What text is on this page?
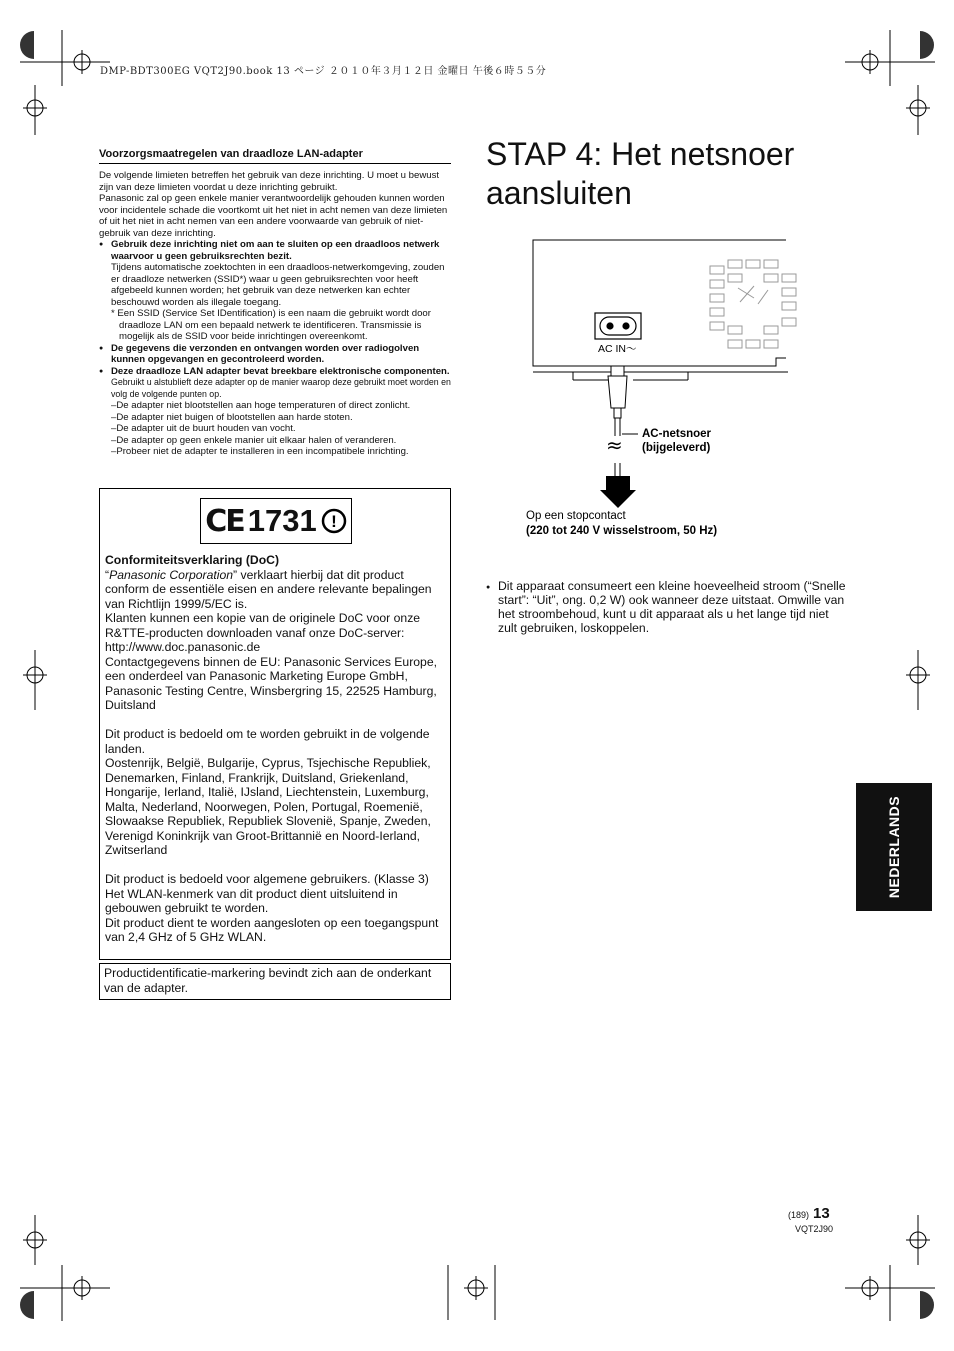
DMP-BDT300EG VQT2J90.book 13 ページ ２０１０年３月１２日 金曜日 午後６時５５分
Voorzorgsmaatregelen van draadloze LAN-adapter

De volgende limieten betreffen het gebruik van deze inrichting. U moet u bewust zijn van deze limieten voordat u deze inrichting gebruikt.

Panasonic zal op geen enkele manier verantwoordelijk gehouden kunnen worden voor incidentele schade die voortkomt uit het niet in acht nemen van deze limieten of uit het niet in acht nemen van een andere voorwaarde van gebruik of niet-gebruik van deze inrichting.

● Gebruik deze inrichting niet om aan te sluiten op een draadloos netwerk waarvoor u geen gebruiksrechten bezit.

Tijdens automatische zoektochten in een draadloos-netwerkomgeving, zouden er draadloze netwerken (SSID*) waar u geen gebruiksrechten voor heeft afgebeeld kunnen worden; het gebruik van deze netwerken kan echter beschouwd worden als illegale toegang.

* Een SSID (Service Set IDentification) is een naam die gebruikt wordt door draadloze LAN om een bepaald netwerk te identificeren. Transmissie is mogelijk als de SSID voor beide inrichtingen overeenkomt.

● De gegevens die verzonden en ontvangen worden over radiogolven kunnen opgevangen en gecontroleerd worden.

● Deze draadloze LAN adapter bevat breekbare elektronische componenten.

Gebruikt u alstublieft deze adapter op de manier waarop deze gebruikt moet worden en volg de volgende punten op.

–De adapter niet blootstellen aan hoge temperaturen of direct zonlicht.

–De adapter niet buigen of blootstellen aan harde stoten.

–De adapter uit de buurt houden van vocht.

–De adapter op geen enkele manier uit elkaar halen of veranderen.

–Probeer niet de adapter te installeren in een incompatibele inrichting.

CE 1731 !

Conformiteitsverklaring (DoC)

“Panasonic Corporation” verklaart hierbij dat dit product conform de essentiële eisen en andere relevante bepalingen van Richtlijn 1999/5/EC is.

Klanten kunnen een kopie van de originele DoC voor onze R&TTE-producten downloaden vanaf onze DoC-server:

http://www.doc.panasonic.de

Contactgegevens binnen de EU: Panasonic Services Europe, een onderdeel van Panasonic Marketing Europe GmbH,

Panasonic Testing Centre, Winsbergring 15, 22525 Hamburg, Duitsland

Dit product is bedoeld om te worden gebruikt in de volgende landen.

Oostenrijk, België, Bulgarije, Cyprus, Tsjechische Republiek, Denemarken, Finland, Frankrijk, Duitsland, Griekenland, Hongarije, Ierland, Italië, IJsland, Liechtenstein, Luxemburg, Malta, Nederland, Noorwegen, Polen, Portugal, Roemenië, Slowaakse Republiek, Republiek Slovenië, Spanje, Zweden, Verenigd Koninkrijk van Groot-Brittannië en Noord-Ierland, Zwitserland

Dit product is bedoeld voor algemene gebruikers. (Klasse 3)

Het WLAN-kenmerk van dit product dient uitsluitend in gebouwen gebruikt te worden.

Dit product dient te worden aangesloten op een toegangspunt van 2,4 GHz of 5 GHz WLAN.

Productidentificatie-markering bevindt zich aan de onderkant van de adapter.
STAP 4: Het netsnoer aansluiten
AC IN～
≈ AC-netsnoer
(bijgeleverd)
Op een stopcontact
(220 tot 240 V wisselstroom, 50 Hz)

● Dit apparaat consumeert een kleine hoeveelheid stroom (“Snelle start”: “Uit”, ong. 0,2 W) ook wanneer deze uitstaat. Omwille van het stroombehoud, kunt u dit apparaat als u het lange tijd niet zult gebruiken, loskoppelen.

NEDERLANDS
(189) 13
VQT2J90
